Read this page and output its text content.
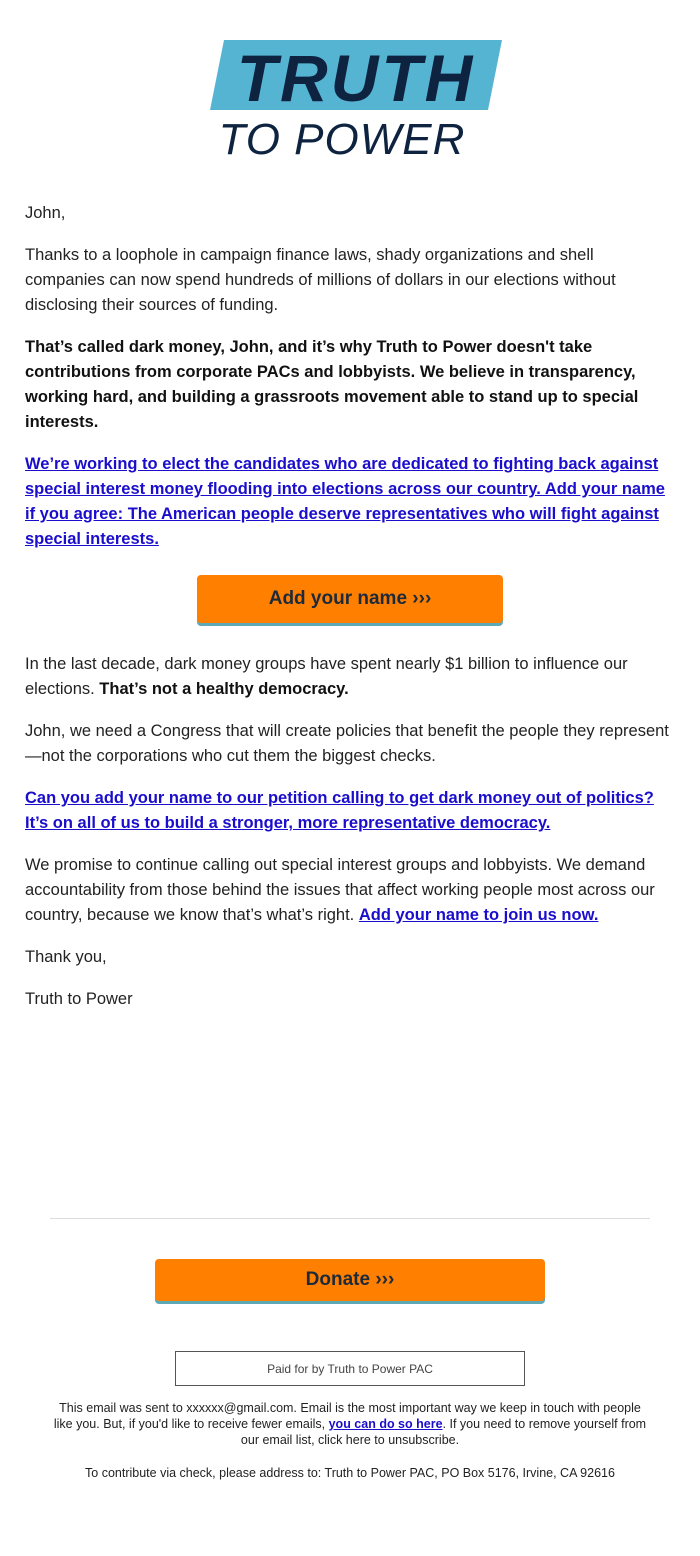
TRUTH
TO POWER

John,

Thanks to a loophole in campaign finance laws, shady organizations and shell companies can now spend hundreds of millions of dollars in our elections without disclosing their sources of funding.

That’s called dark money, John, and it’s why Truth to Power doesn't take contributions from corporate PACs and lobbyists. We believe in transparency, working hard, and building a grassroots movement able to stand up to special interests.

We’re working to elect the candidates who are dedicated to fighting back against special interest money flooding into elections across our country. Add your name if you agree: The American people deserve representatives who will fight against special interests.

In the last decade, dark money groups have spent nearly $1 billion to influence our elections. That’s not a healthy democracy.

John, we need a Congress that will create policies that benefit the people they represent—not the corporations who cut them the biggest checks.

Can you add your name to our petition calling to get dark money out of politics? It’s on all of us to build a stronger, more representative democracy.

We promise to continue calling out special interest groups and lobbyists. We demand accountability from those behind the issues that affect working people most across our country, because we know that’s what’s right. Add your name to join us now.

Thank you,

Truth to Power

Add your name ›››
Donate ›››
Paid for by Truth to Power PAC
This email was sent to xxxxxx@gmail.com. Email is the most important way we keep in touch with people like you. But, if you'd like to receive fewer emails, you can do so here. If you need to remove yourself from our email list, click here to unsubscribe.
To contribute via check, please address to: Truth to Power PAC, PO Box 5176, Irvine, CA 92616
